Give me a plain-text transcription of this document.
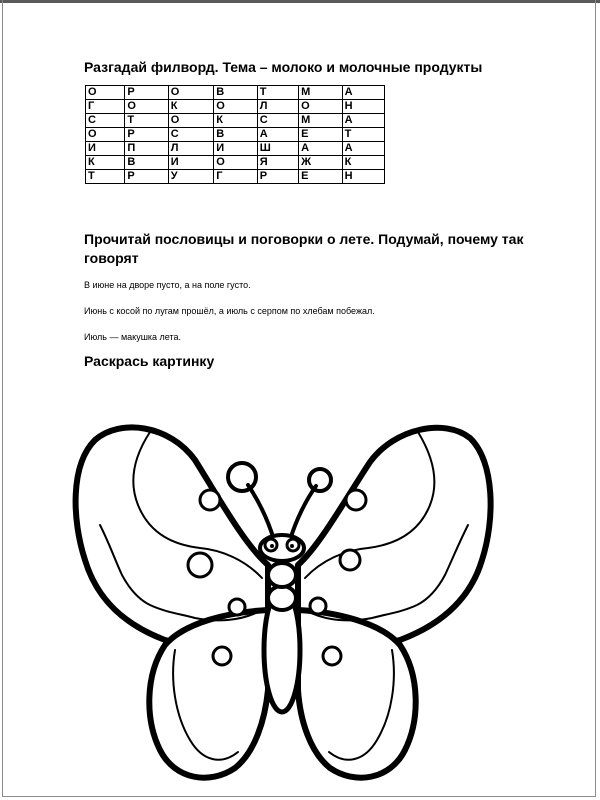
Разгадай филворд. Тема – молоко и молочные продукты
О	Р	О	В	Т	М	А
Г	О	К	О	Л	О	Н
С	Т	О	К	С	М	А
О	Р	С	В	А	Е	Т
И	П	Л	И	Ш	А	А
К	В	И	О	Я	Ж	К
Т	Р	У	Г	Р	Е	Н
Прочитай пословицы и поговорки о лете. Подумай, почему так говорят

В июне на дворе пусто, а на поле густо.

Июнь с косой по лугам прошёл, а июль с серпом по хлебам побежал.

Июль — макушка лета.

Раскрась картинку
